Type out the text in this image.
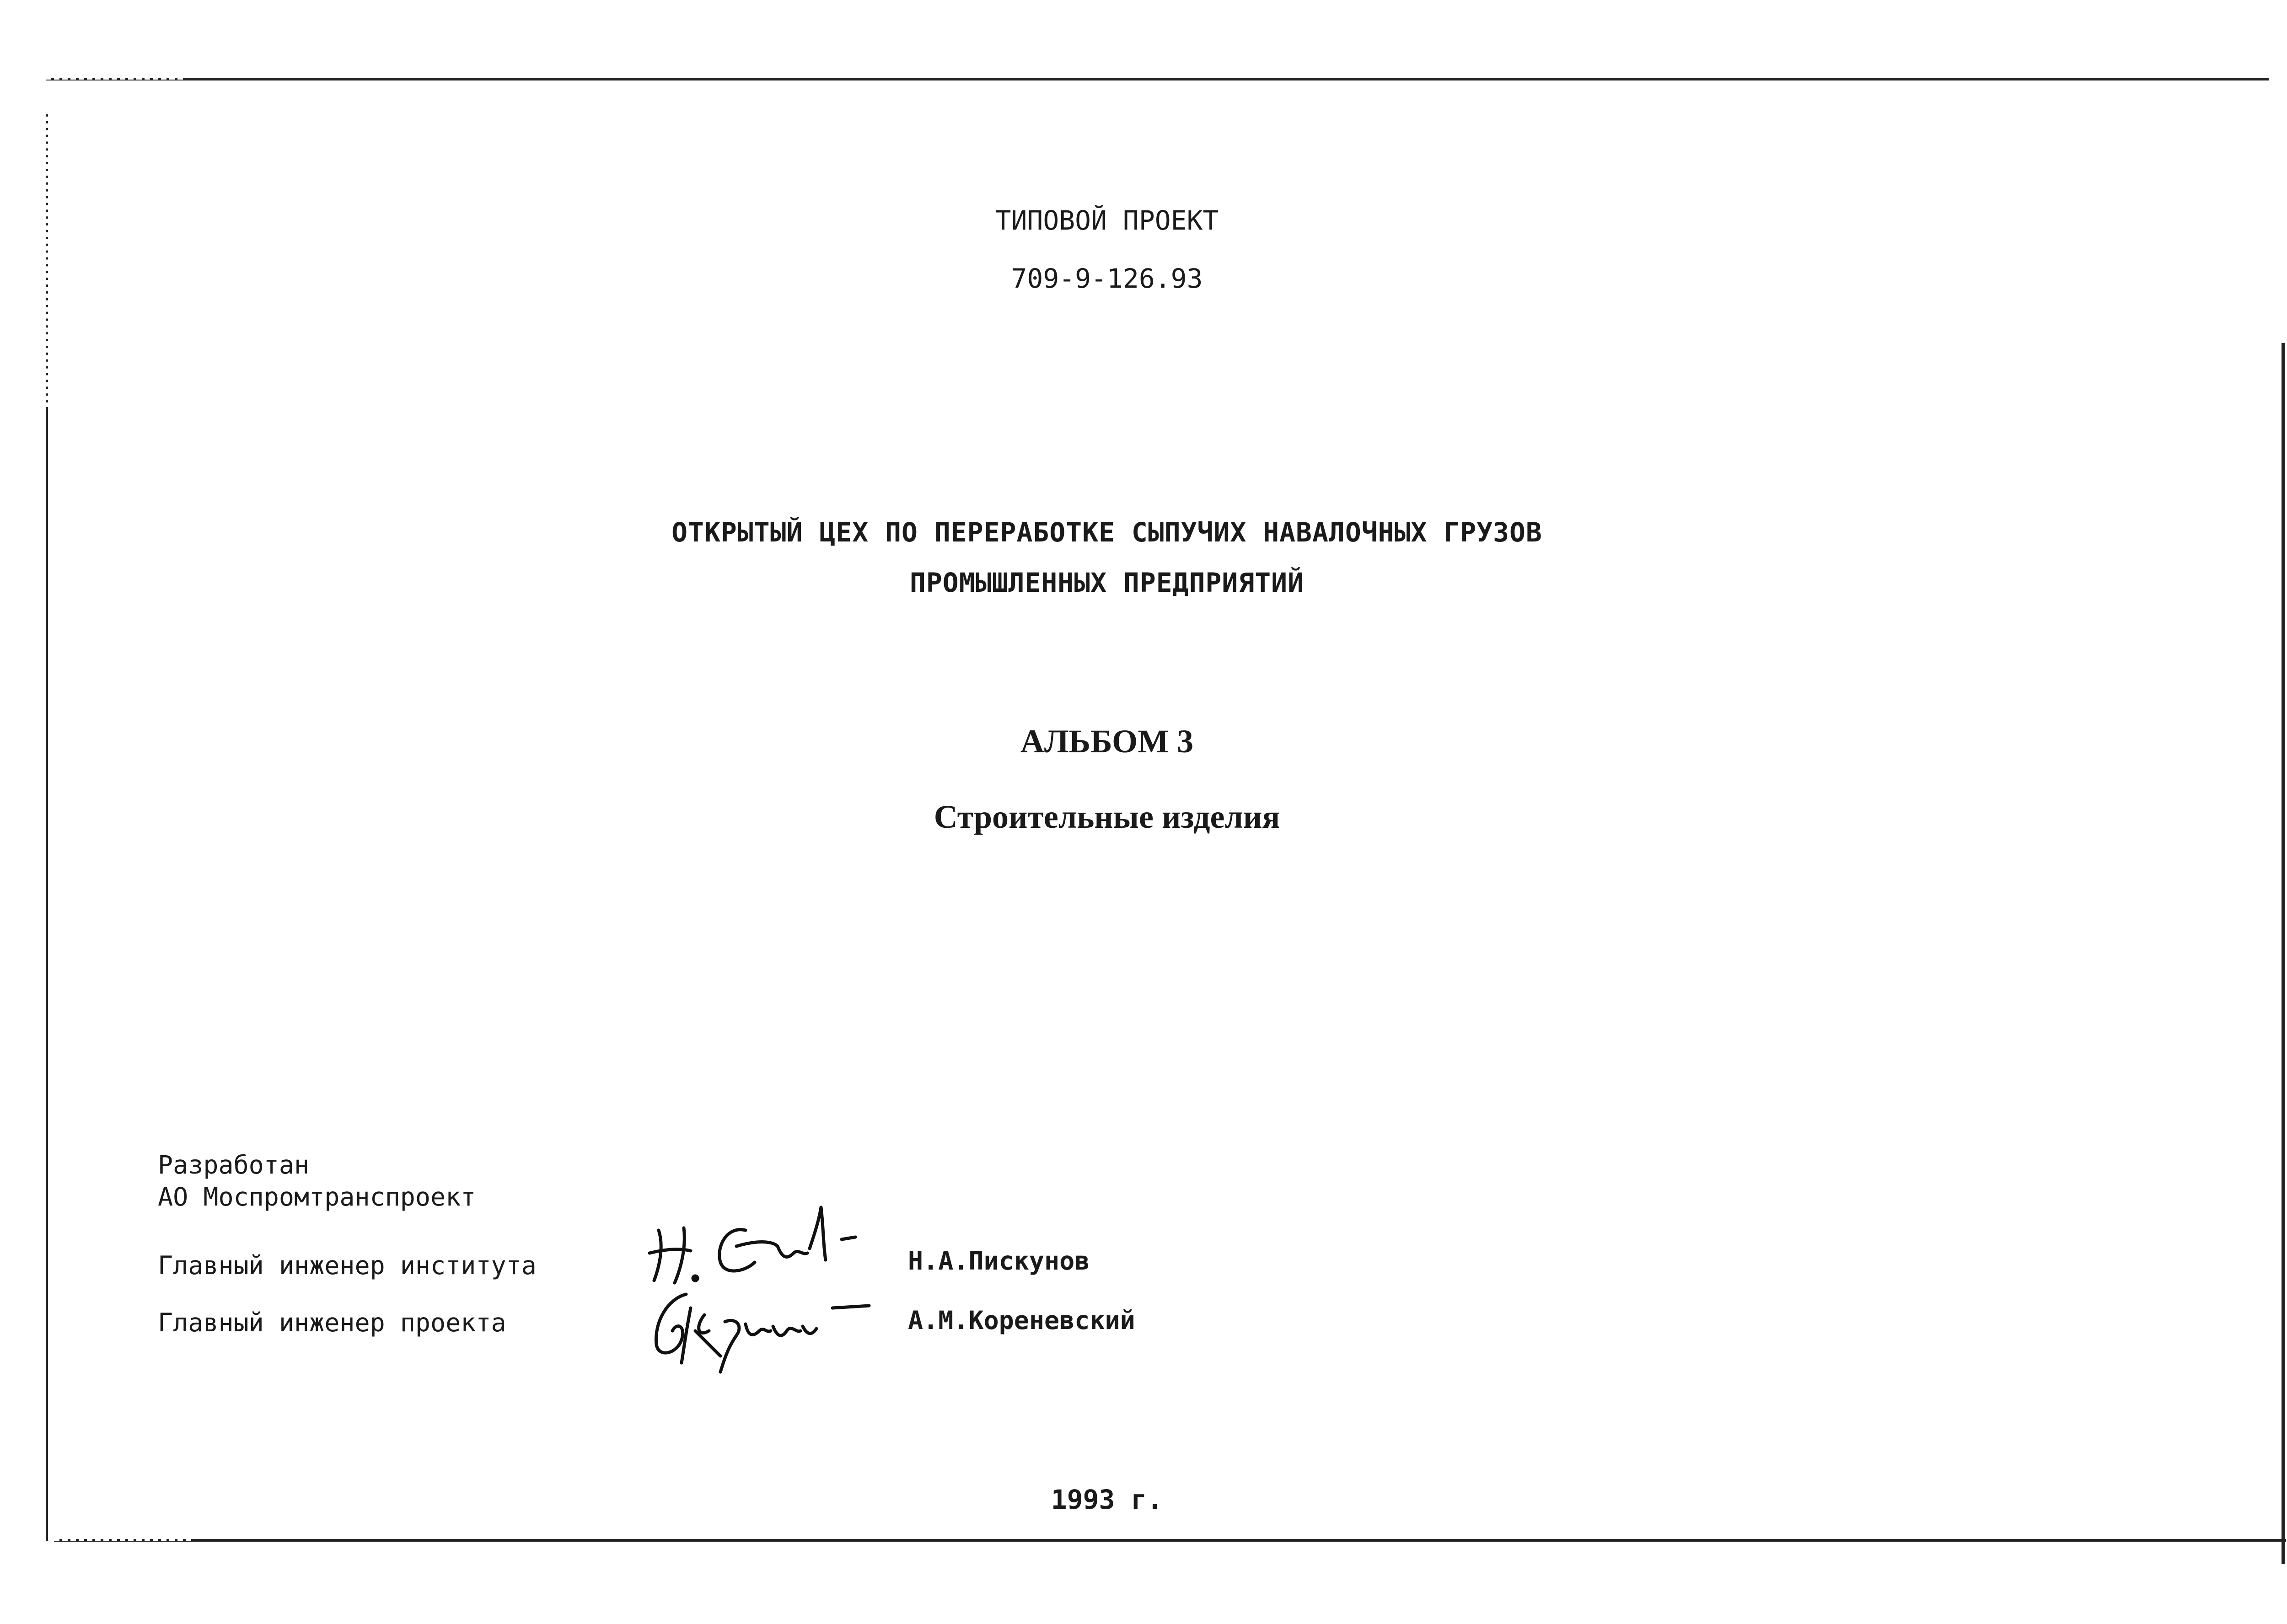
ТИПОВОЙ ПРОЕКТ
709-9-126.93
ОТКРЫТЫЙ ЦЕХ ПО ПЕРЕРАБОТКЕ СЫПУЧИХ НАВАЛОЧНЫХ ГРУЗОВ
ПРОМЫШЛЕННЫХ ПРЕДПРИЯТИЙ
АЛЬБОМ 3
Строительные изделия
Разработан
АО Моспромтранспроект
Главный инженер института
Главный инженер проекта
Н.А.Пискунов
А.М.Кореневский
1993 г.
